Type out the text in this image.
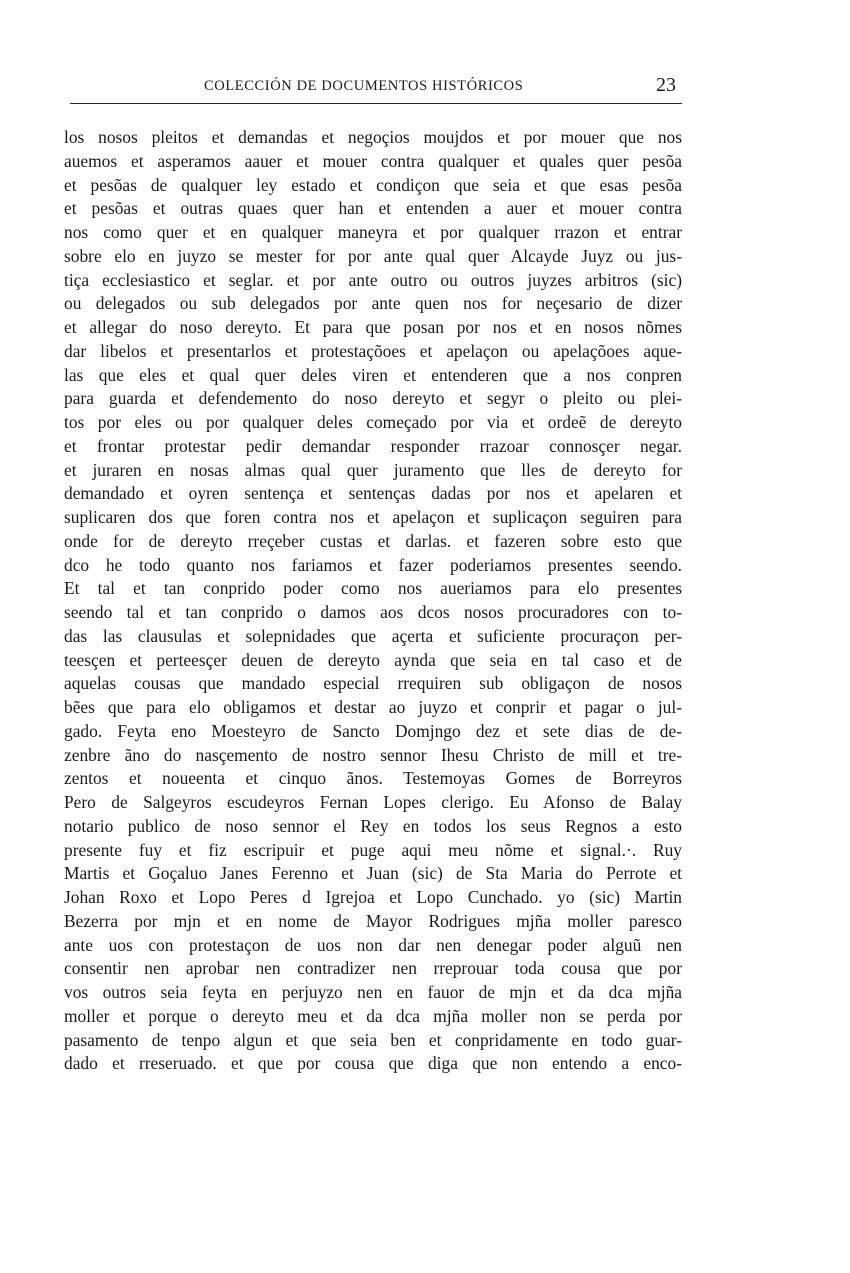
COLECCIÓN DE DOCUMENTOS HISTÓRICOS	23
los nosos pleitos et demandas et negoçios moujdos et por mouer que nos
auemos et asperamos aauer et mouer contra qualquer et quales quer pesõa
et pesõas de qualquer ley estado et condiçon que seia et que esas pesõa
et pesõas et outras quaes quer han et entenden a auer et mouer contra
nos como quer et en qualquer maneyra et por qualquer rrazon et entrar
sobre elo en juyzo se mester for por ante qual quer Alcayde Juyz ou jus-
tiça ecclesiastico et seglar. et por ante outro ou outros juyzes arbitros (sic)
ou delegados ou sub delegados por ante quen nos for neçesario de dizer
et allegar do noso dereyto. Et para que posan por nos et en nosos nõmes
dar libelos et presentarlos et protestaçõoes et apelaçon ou apelaçõoes aque-
las que eles et qual quer deles viren et entenderen que a nos conpren
para guarda et defendemento do noso dereyto et segyr o pleito ou plei-
tos por eles ou por qualquer deles começado por via et ordeẽ de dereyto
et frontar protestar pedir demandar responder rrazoar connosçer negar.
et juraren en nosas almas qual quer juramento que lles de dereyto for
demandado et oyren sentença et sentenças dadas por nos et apelaren et
suplicaren dos que foren contra nos et apelaçon et suplicaçon seguiren para
onde for de dereyto rreçeber custas et darlas. et fazeren sobre esto que
dco he todo quanto nos fariamos et fazer poderiamos presentes seendo.
Et tal et tan conprido poder como nos aueriamos para elo presentes
seendo tal et tan conprido o damos aos dcos nosos procuradores con to-
das las clausulas et solepnidades que açerta et suficiente procuraçon per-
teesçen et perteesçer deuen de dereyto aynda que seia en tal caso et de
aquelas cousas que mandado especial rrequiren sub obligaçon de nosos
bẽes que para elo obligamos et destar ao juyzo et conprir et pagar o jul-
gado. Feyta eno Moesteyro de Sancto Domjngo dez et sete dias de de-
zenbre ãno do nasçemento de nostro sennor Ihesu Christo de mill et tre-
zentos et noueenta et cinquo ãnos. Testemoyas Gomes de Borreyros
Pero de Salgeyros escudeyros Fernan Lopes clerigo. Eu Afonso de Balay
notario publico de noso sennor el Rey en todos los seus Regnos a esto
presente fuy et fiz escripuir et puge aqui meu nõme et signal.·. Ruy
Martis et Goçaluo Janes Ferenno et Juan (sic) de Sta Maria do Perrote et
Johan Roxo et Lopo Peres d Igrejoa et Lopo Cunchado. yo (sic) Martin
Bezerra por mjn et en nome de Mayor Rodrigues mjña moller paresco
ante uos con protestaçon de uos non dar nen denegar poder alguũ nen
consentir nen aprobar nen contradizer nen rreprouar toda cousa que por
vos outros seia feyta en perjuyzo nen en fauor de mjn et da dca mjña
moller et porque o dereyto meu et da dca mjña moller non se perda por
pasamento de tenpo algun et que seia ben et conpridamente en todo guar-
dado et rreseruado. et que por cousa que diga que non entendo a enco-
